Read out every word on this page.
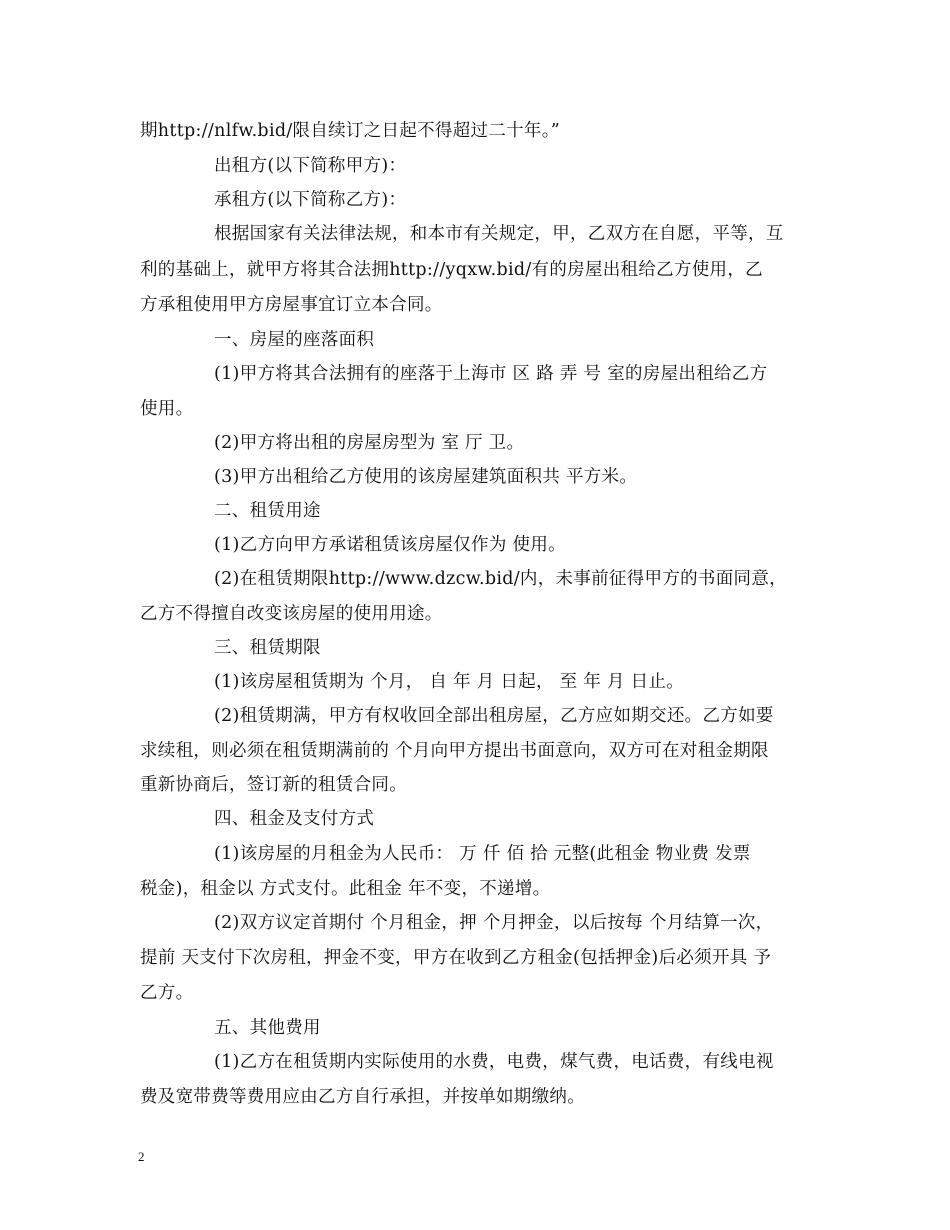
期http://nlfw.bid/限自续订之日起不得超过二十年。”
出租方(以下简称甲方)：
承租方(以下简称乙方)：
根据国家有关法律法规，和本市有关规定，甲，乙双方在自愿，平等，互
利的基础上，就甲方将其合法拥http://yqxw.bid/有的房屋出租给乙方使用，乙
方承租使用甲方房屋事宜订立本合同。
一、房屋的座落面积
(1)甲方将其合法拥有的座落于上海市 区 路 弄 号 室的房屋出租给乙方
使用。
(2)甲方将出租的房屋房型为 室 厅 卫。
(3)甲方出租给乙方使用的该房屋建筑面积共 平方米。
二、租赁用途
(1)乙方向甲方承诺租赁该房屋仅作为 使用。
(2)在租赁期限http://www.dzcw.bid/内，未事前征得甲方的书面同意，
乙方不得擅自改变该房屋的使用用途。
三、租赁期限
(1)该房屋租赁期为 个月， 自 年 月 日起， 至 年 月 日止。
(2)租赁期满，甲方有权收回全部出租房屋，乙方应如期交还。乙方如要
求续租，则必须在租赁期满前的 个月向甲方提出书面意向，双方可在对租金期限
重新协商后，签订新的租赁合同。
四、租金及支付方式
(1)该房屋的月租金为人民币： 万 仟 佰 拾 元整(此租金 物业费 发票
税金)，租金以 方式支付。此租金 年不变，不递增。
(2)双方议定首期付 个月租金，押 个月押金，以后按每 个月结算一次，
提前 天支付下次房租，押金不变，甲方在收到乙方租金(包括押金)后必须开具 予
乙方。
五、其他费用
(1)乙方在租赁期内实际使用的水费，电费，煤气费，电话费，有线电视
费及宽带费等费用应由乙方自行承担，并按单如期缴纳。
2
